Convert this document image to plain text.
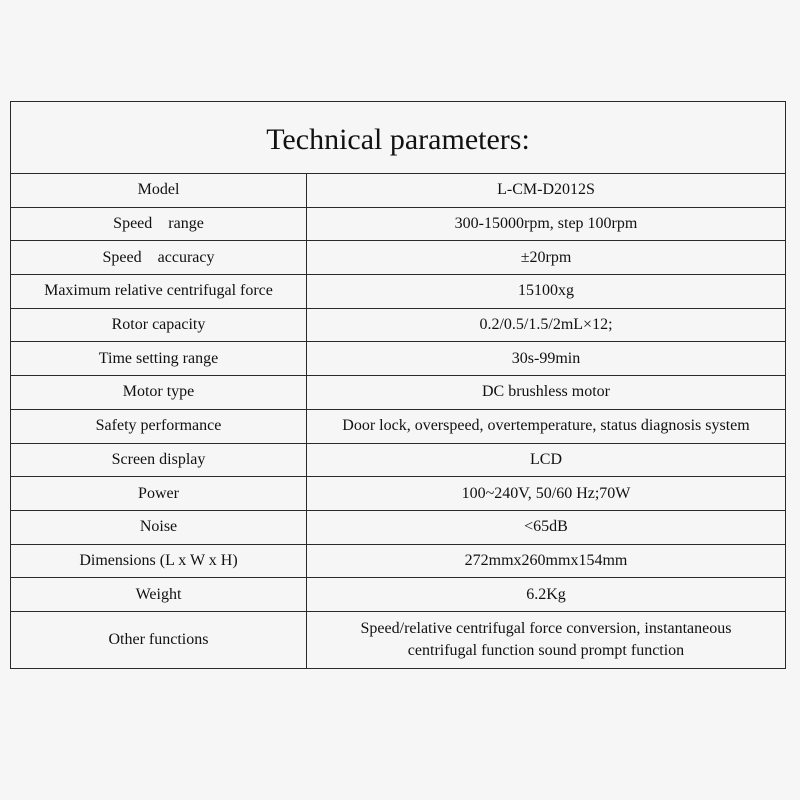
Technical parameters:	
Model	L-CM-D2012S
Speed    range	300-15000rpm, step 100rpm
Speed    accuracy	±20rpm
Maximum relative centrifugal force	15100xg
Rotor capacity	0.2/0.5/1.5/2mL×12;
Time setting range	30s-99min
Motor type	DC brushless motor
Safety performance	Door lock, overspeed, overtemperature, status diagnosis system
Screen display	LCD
Power	100~240V, 50/60 Hz;70W
Noise	<65dB
Dimensions (L x W x H)	272mmx260mmx154mm
Weight	6.2Kg
Other functions	Speed/relative centrifugal force conversion, instantaneous
centrifugal function sound prompt function
